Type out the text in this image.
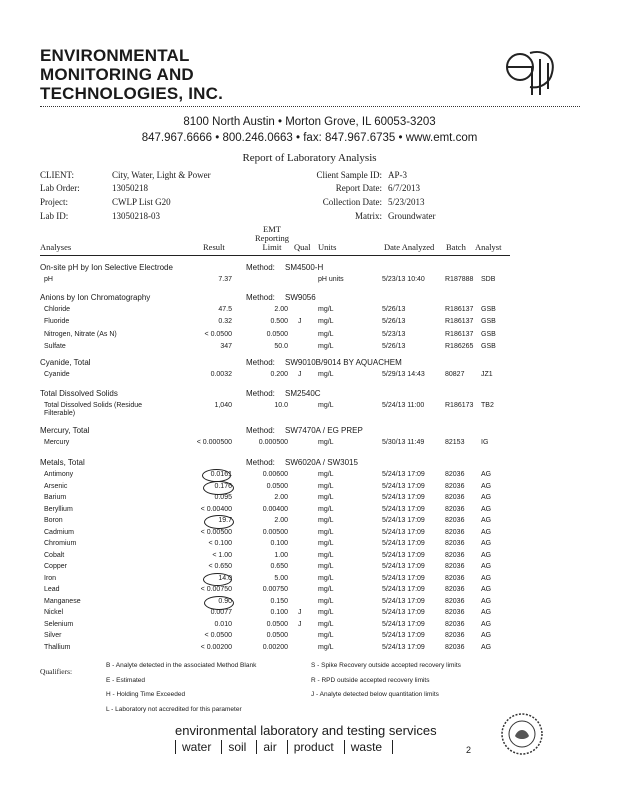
ENVIRONMENTAL
MONITORING AND
TECHNOLOGIES, INC.
8100 North Austin • Morton Grove, IL 60053-3203
847.967.6666 • 800.246.0663 • fax: 847.967.6735 • www.emt.com
Report of Laboratory Analysis
CLIENT:	City, Water, Light & Power
Lab Order:	13050218
Project:	CWLP List G20
Lab ID:	13050218-03
Client Sample ID: AP-3
Report Date: 6/7/2013
Collection Date: 5/23/2013
Matrix: Groundwater
Analyses	Result
EMT
Reporting
Limit	Qual Units	Date Analyzed Batch Analyst
On-site pH by Ion Selective Electrode	Method: SM4500-H
pH	7.37	pH units	5/23/13 10:40	R187888	SDB
Anions by Ion Chromatography	Method: SW9056
Chloride	47.5	2.00	mg/L	5/26/13	R186137	GSB
Fluoride	0.32	0.500 J	mg/L	5/26/13	R186137	GSB
Nitrogen, Nitrate (As N)	< 0.0500	0.0500	mg/L	5/23/13	R186137	GSB
Sulfate	347	50.0	mg/L	5/26/13	R186265	GSB
Cyanide, Total	Method: SW9010B/9014 BY AQUACHEM
Cyanide	0.0032	0.200 J	mg/L	5/29/13 14:43	80827	JZ1
Total Dissolved Solids	Method: SM2540C
Total Dissolved Solids (Residue Filterable)
1,040	10.0	mg/L	5/24/13 11:00	R186173	TB2
Mercury, Total	Method: SW7470A / EG PREP
Mercury	< 0.000500	0.000500	mg/L	5/30/13 11:49	82153	IG
Metals, Total	Method: SW6020A / SW3015
Antimony	0.0161	0.00600	mg/L	5/24/13 17:09	82036	AG
Arsenic	0.176	0.0500	mg/L	5/24/13 17:09	82036	AG
Barium	0.095	2.00	mg/L	5/24/13 17:09	82036	AG
Beryllium	< 0.00400	0.00400	mg/L	5/24/13 17:09	82036	AG
Boron	19.7	2.00	mg/L	5/24/13 17:09	82036	AG
Cadmium	< 0.00500	0.00500	mg/L	5/24/13 17:09	82036	AG
Chromium	< 0.100	0.100	mg/L	5/24/13 17:09	82036	AG
Cobalt	< 1.00	1.00	mg/L	5/24/13 17:09	82036	AG
Copper	< 0.650	0.650	mg/L	5/24/13 17:09	82036	AG
Iron	14.0	5.00	mg/L	5/24/13 17:09	82036	AG
Lead	< 0.00750	0.00750	mg/L	5/24/13 17:09	82036	AG
Manganese	0.90	0.150	mg/L	5/24/13 17:09	82036	AG
Nickel	0.0077	0.100 J	mg/L	5/24/13 17:09	82036	AG
Selenium	0.010	0.0500 J	mg/L	5/24/13 17:09	82036	AG
Silver	< 0.0500	0.0500	mg/L	5/24/13 17:09	82036	AG
Thallium	< 0.00200	0.00200	mg/L	5/24/13 17:09	82036	AG
Qualifiers:
B - Analyte detected in the associated Method Blank
E - Estimated
H - Holding Time Exceeded
L - Laboratory not accredited for this parameter
S - Spike Recovery outside accepted recovery limits
R - RPD outside accepted recovery limits
J - Analyte detected below quantitation limits
environmental laboratory and testing services
water soil air product waste	2
